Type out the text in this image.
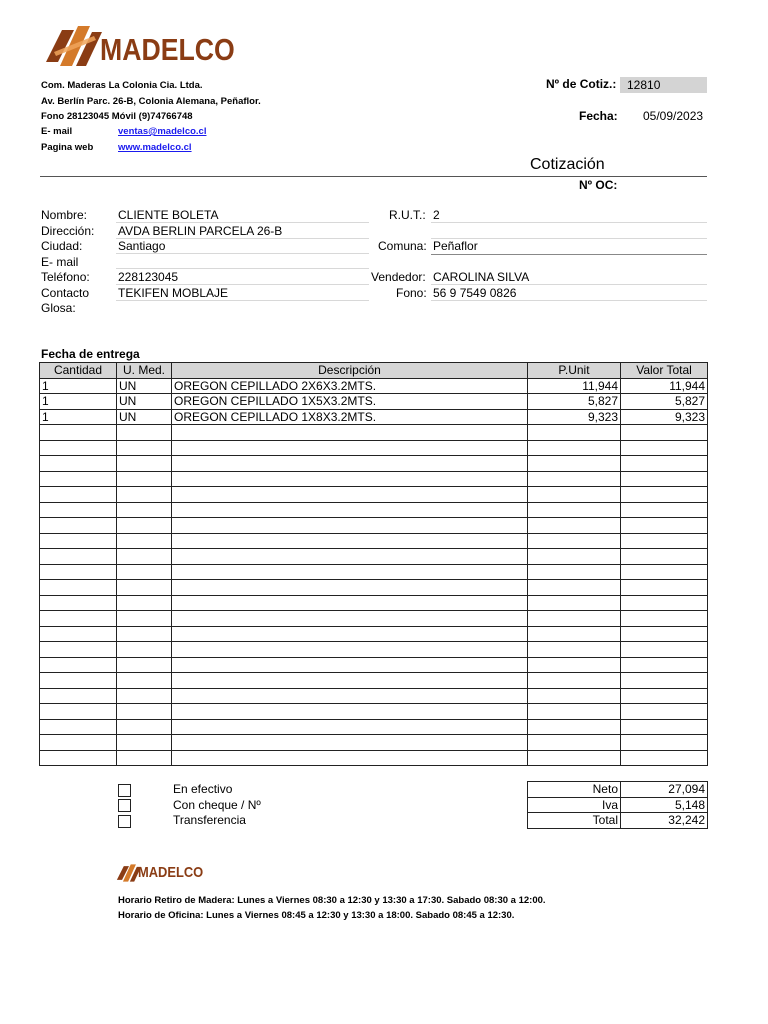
MADELCO
Com. Maderas La Colonia Cia. Ltda.
Av. Berlín Parc. 26-B, Colonia Alemana, Peñaflor.
Fono 28123045 Móvil (9)74766748
E- mail	ventas@madelco.cl
Pagina web	www.madelco.cl
Nº de Cotiz.: 12810
Fecha: 05/09/2023
Cotización
Nº OC:
Nombre:	CLIENTE BOLETA
Dirección: AVDA BERLIN PARCELA 26-B
Ciudad:	Santiago
E- mail
Teléfono: 228123045
Contacto TEKIFEN MOBLAJE
Glosa:
R.U.T.: 2
Comuna: Peñaflor
Vendedor: CAROLINA SILVA
Fono: 56 9 7549 0826
Fecha de entrega
Cantidad	U. Med.	Descripción	P.Unit	Valor Total
1	UN	OREGON CEPILLADO 2X6X3.2MTS.	11,944	11,944
1	UN	OREGON CEPILLADO 1X5X3.2MTS.	5,827	5,827
1	UN	OREGON CEPILLADO 1X8X3.2MTS.	9,323	9,323

En efectivo
Con cheque / Nº
Transferencia
Neto	27,094
Iva	5,148
Total	32,242
MADELCO
Horario Retiro de Madera: Lunes a Viernes 08:30 a 12:30 y 13:30 a 17:30. Sabado 08:30 a 12:00.
Horario de Oficina: Lunes a Viernes 08:45 a 12:30 y 13:30 a 18:00. Sabado 08:45 a 12:30.
